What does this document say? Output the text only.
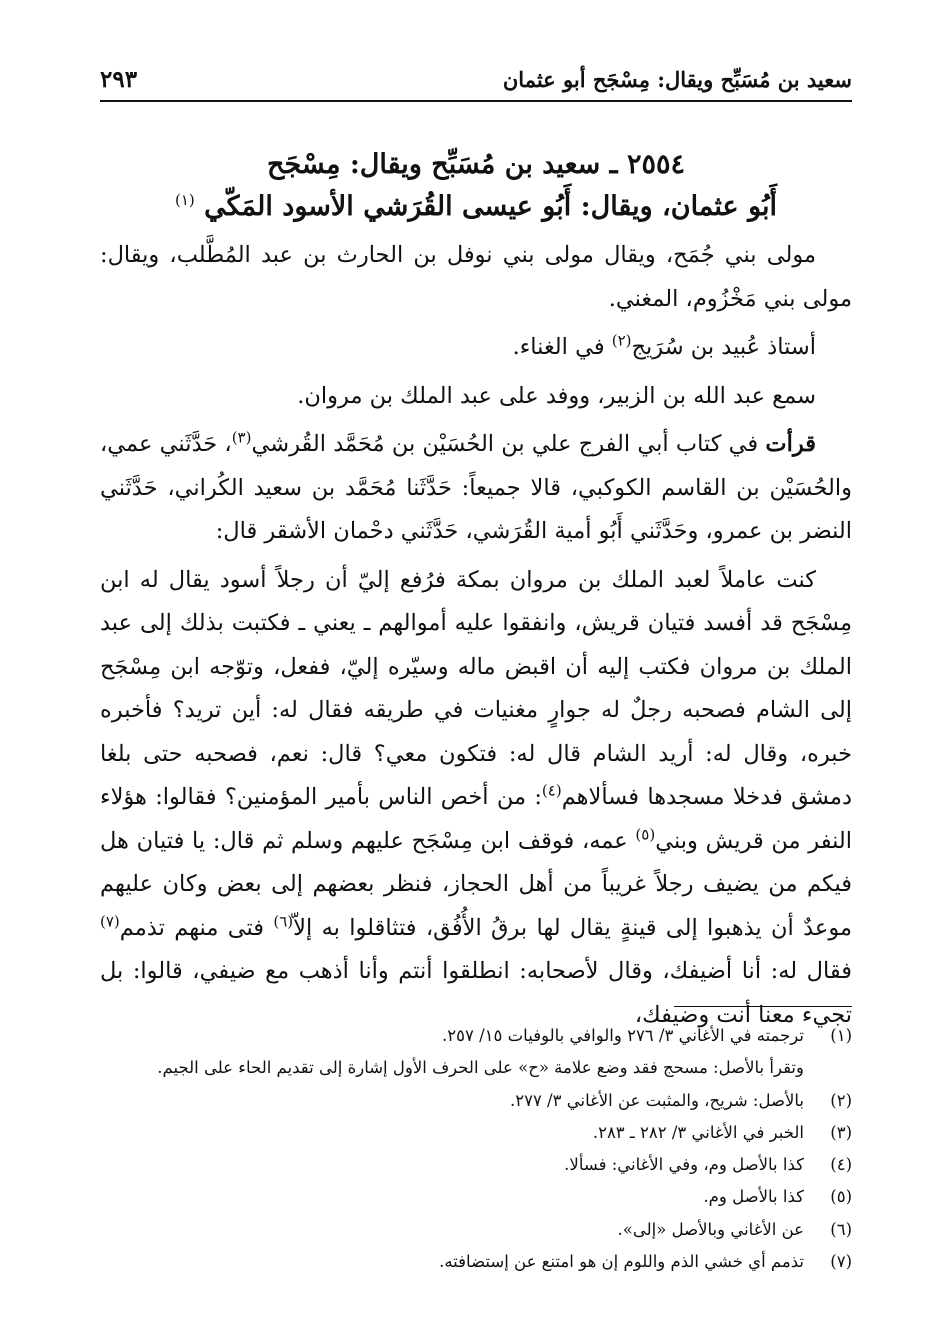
سعيد بن مُسَبِّح ويقال: مِسْجَح أبو عثمان
٢٩٣
٢٥٥٤ ـ سعيد بن مُسَبِّح ويقال: مِسْجَح
أَبُو عثمان، ويقال: أَبُو عيسى القُرَشي الأسود المَكّي $^{(١)}$

مولى بني جُمَح، ويقال مولى بني نوفل بن الحارث بن عبد المُطَّلب، ويقال: مولى بني مَخْزُوم، المغني.

أستاذ عُبيد بن سُرَيج$^{(٢)}$ في الغناء.

سمع عبد الله بن الزبير، ووفد على عبد الملك بن مروان.

قرأت في كتاب أبي الفرج علي بن الحُسَيْن بن مُحَمَّد القُرشي$^{(٣)}$، حَدَّثَني عمي، والحُسَيْن بن القاسم الكوكبي، قالا جميعاً: حَدَّثَنا مُحَمَّد بن سعيد الكُراني، حَدَّثَني النضر بن عمرو، وحَدَّثَني أَبُو أمية القُرَشي، حَدَّثَني دحْمان الأشقر قال:

كنت عاملاً لعبد الملك بن مروان بمكة فرُفع إليّ أن رجلاً أسود يقال له ابن مِسْجَح قد أفسد فتيان قريش، وانفقوا عليه أموالهم ـ يعني ـ فكتبت بذلك إلى عبد الملك بن مروان فكتب إليه أن اقبض ماله وسيّره إليّ، ففعل، وتوّجه ابن مِسْجَح إلى الشام فصحبه رجلٌ له جوارٍ مغنيات في طريقه فقال له: أين تريد؟ فأخبره خبره، وقال له: أريد الشام قال له: فتكون معي؟ قال: نعم، فصحبه حتى بلغا دمشق فدخلا مسجدها فسألاهم$^{(٤)}$: من أخص الناس بأمير المؤمنين؟ فقالوا: هؤلاء النفر من قريش وبني$^{(٥)}$ عمه، فوقف ابن مِسْجَح عليهم وسلم ثم قال: يا فتيان هل فيكم من يضيف رجلاً غريباً من أهل الحجاز، فنظر بعضهم إلى بعض وكان عليهم موعدٌ أن يذهبوا إلى قينةٍ يقال لها برقُ الأُفُق، فتثاقلوا به إلاّ$^{(٦)}$ فتى منهم تذمم$^{(٧)}$ فقال له: أنا أضيفك، وقال لأصحابه: انطلقوا أنتم وأنا أذهب مع ضيفي، قالوا: بل تجيء معنا أنت وضيفك،

(١)
ترجمته في الأغاني ٣/ ٢٧٦ والوافي بالوفيات ١٥/ ٢٥٧.
وتقرأ بالأصل: مسحج فقد وضع علامة «ح» على الحرف الأول إشارة إلى تقديم الحاء على الجيم.
(٢)
بالأصل: شريح، والمثبت عن الأغاني ٣/ ٢٧٧.
(٣)
الخبر في الأغاني ٣/ ٢٨٢ ـ ٢٨٣.
(٤)
كذا بالأصل وم، وفي الأغاني: فسألا.
(٥)
كذا بالأصل وم.
(٦)
عن الأغاني وبالأصل «إلى».
(٧)
تذمم أي خشي الذم واللوم إن هو امتنع عن إستضافته.
